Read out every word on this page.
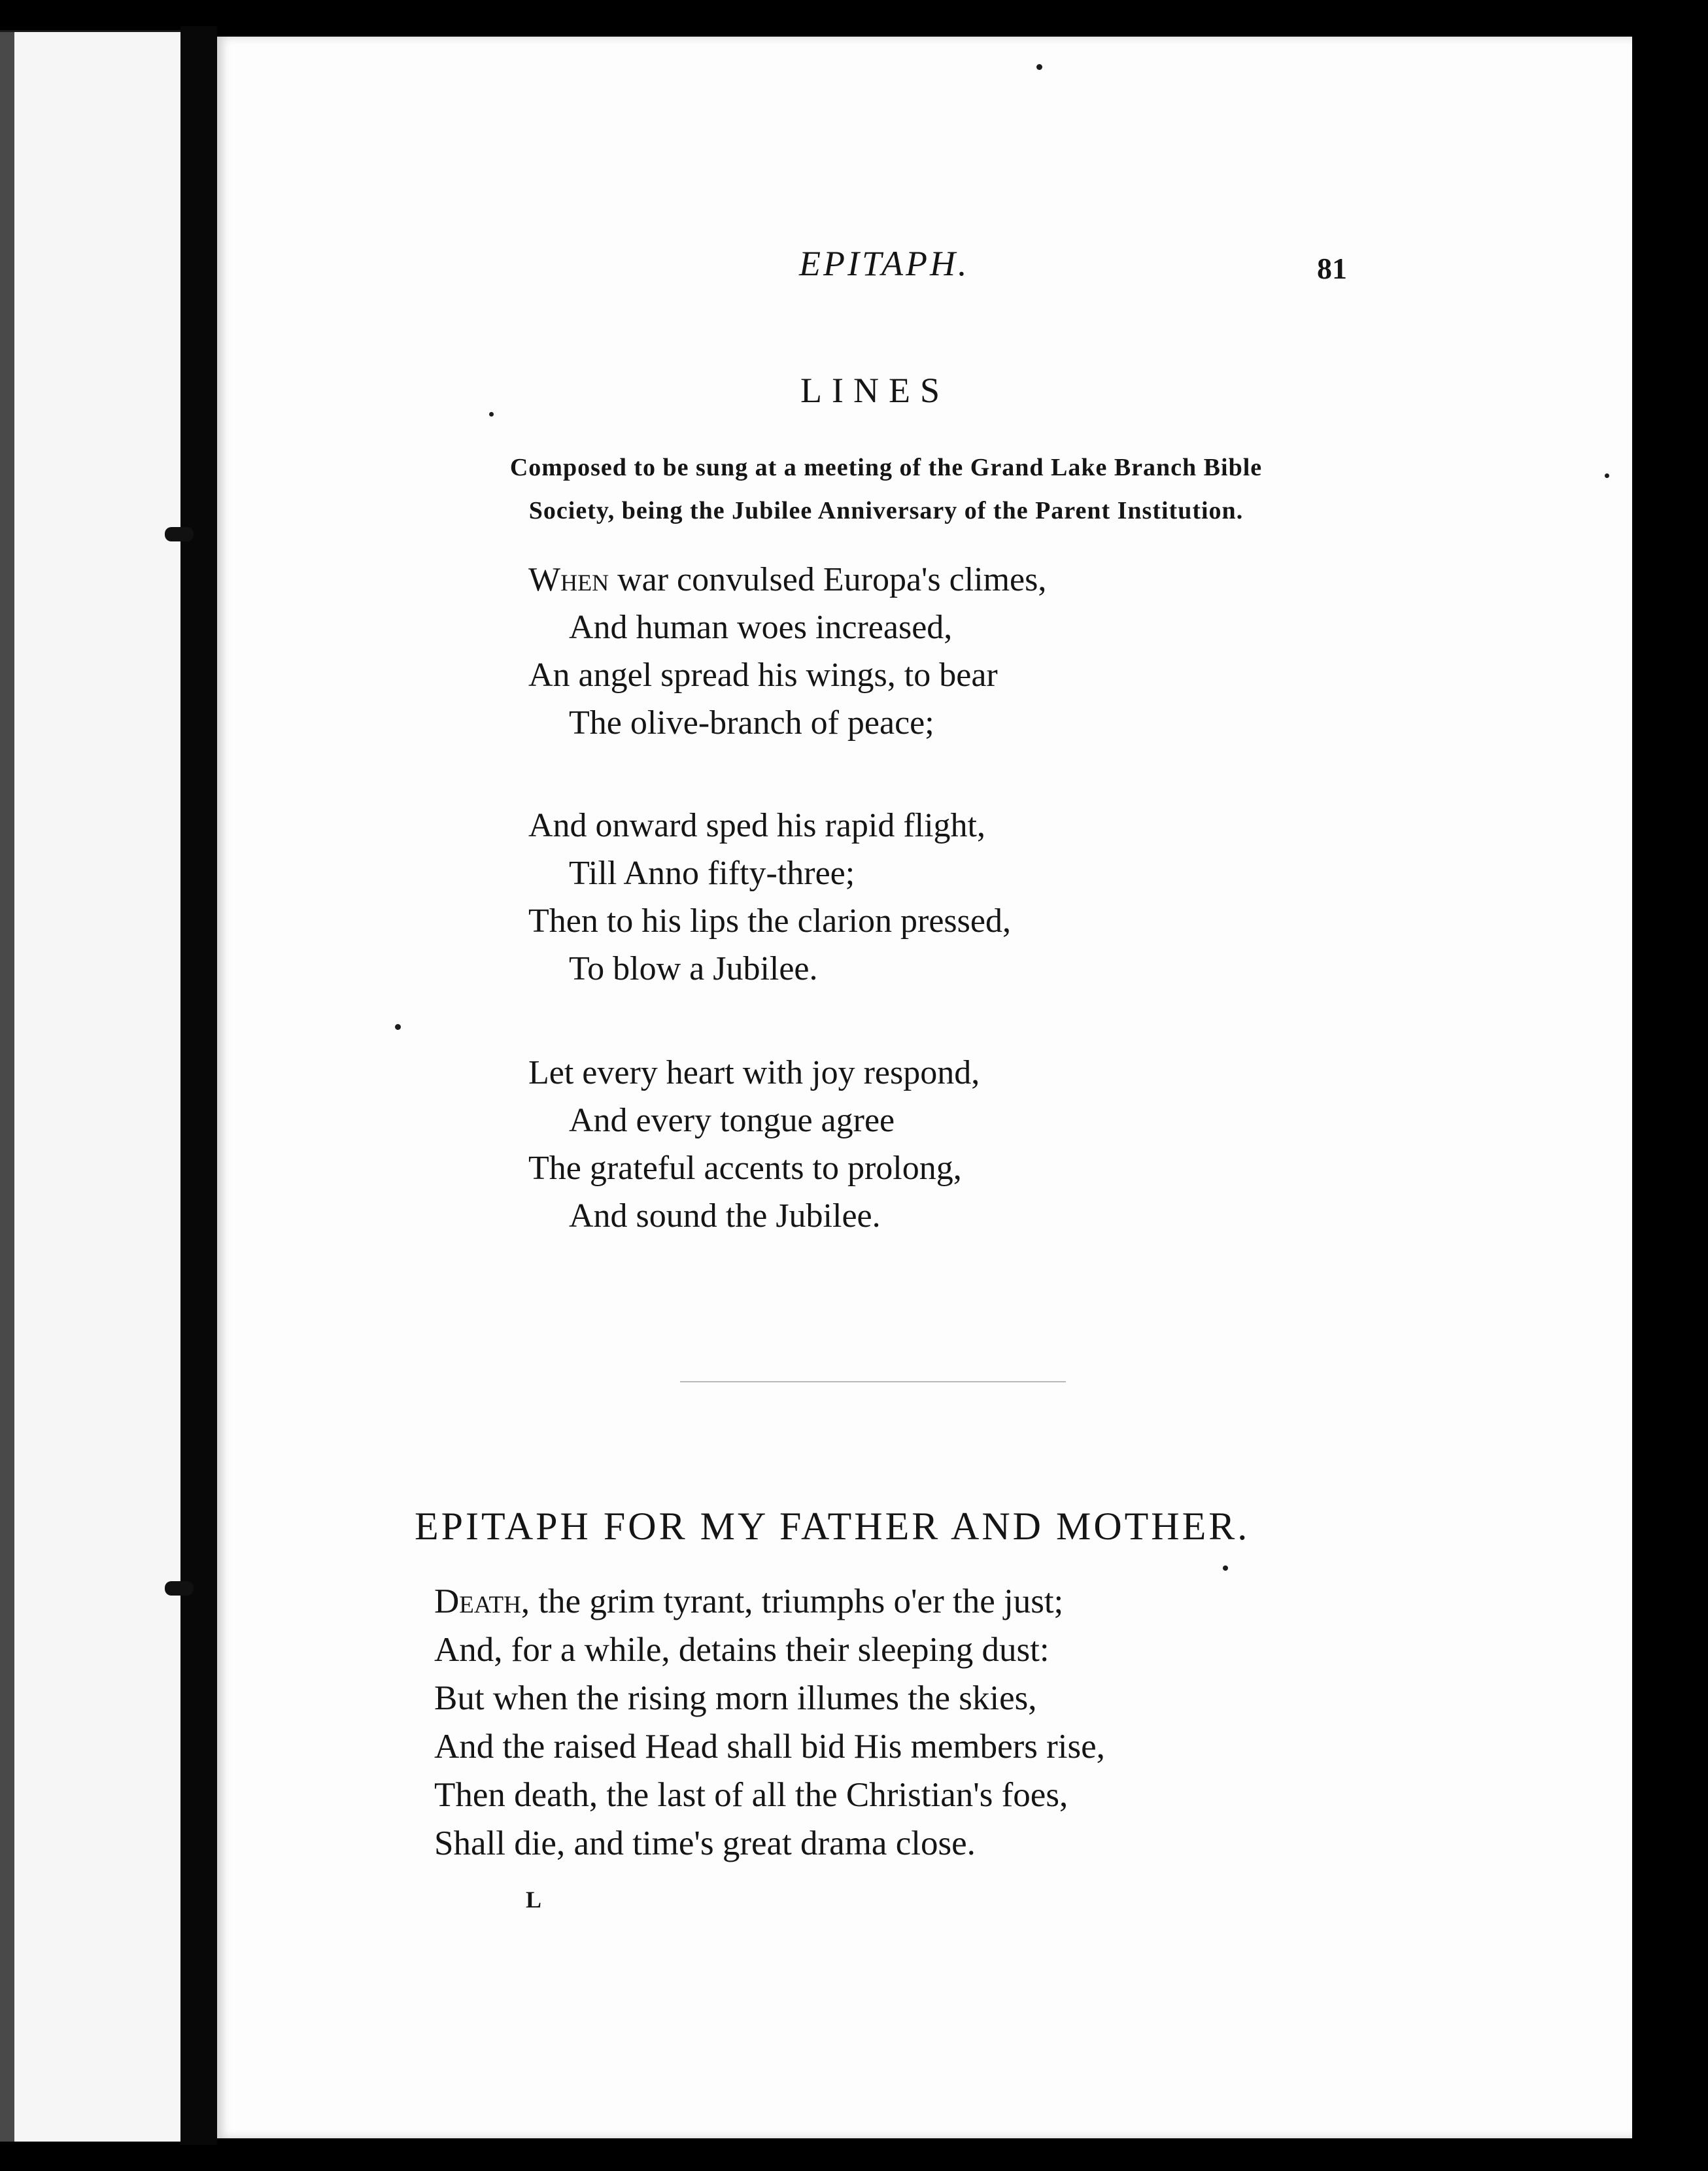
EPITAPH.	81
LINES
Composed to be sung at a meeting of the Grand Lake Branch Bible
Society, being the Jubilee Anniversary of the Parent Institution.
When war convulsed Europa's climes,
And human woes increased,
An angel spread his wings, to bear
The olive-branch of peace;
And onward sped his rapid flight,
Till Anno fifty-three;
Then to his lips the clarion pressed,
To blow a Jubilee.
Let every heart with joy respond,
And every tongue agree
The grateful accents to prolong,
And sound the Jubilee.
EPITAPH FOR MY FATHER AND MOTHER.
Death, the grim tyrant, triumphs o'er the just;
And, for a while, detains their sleeping dust:
But when the rising morn illumes the skies,
And the raised Head shall bid His members rise,
Then death, the last of all the Christian's foes,
Shall die, and time's great drama close.
L
